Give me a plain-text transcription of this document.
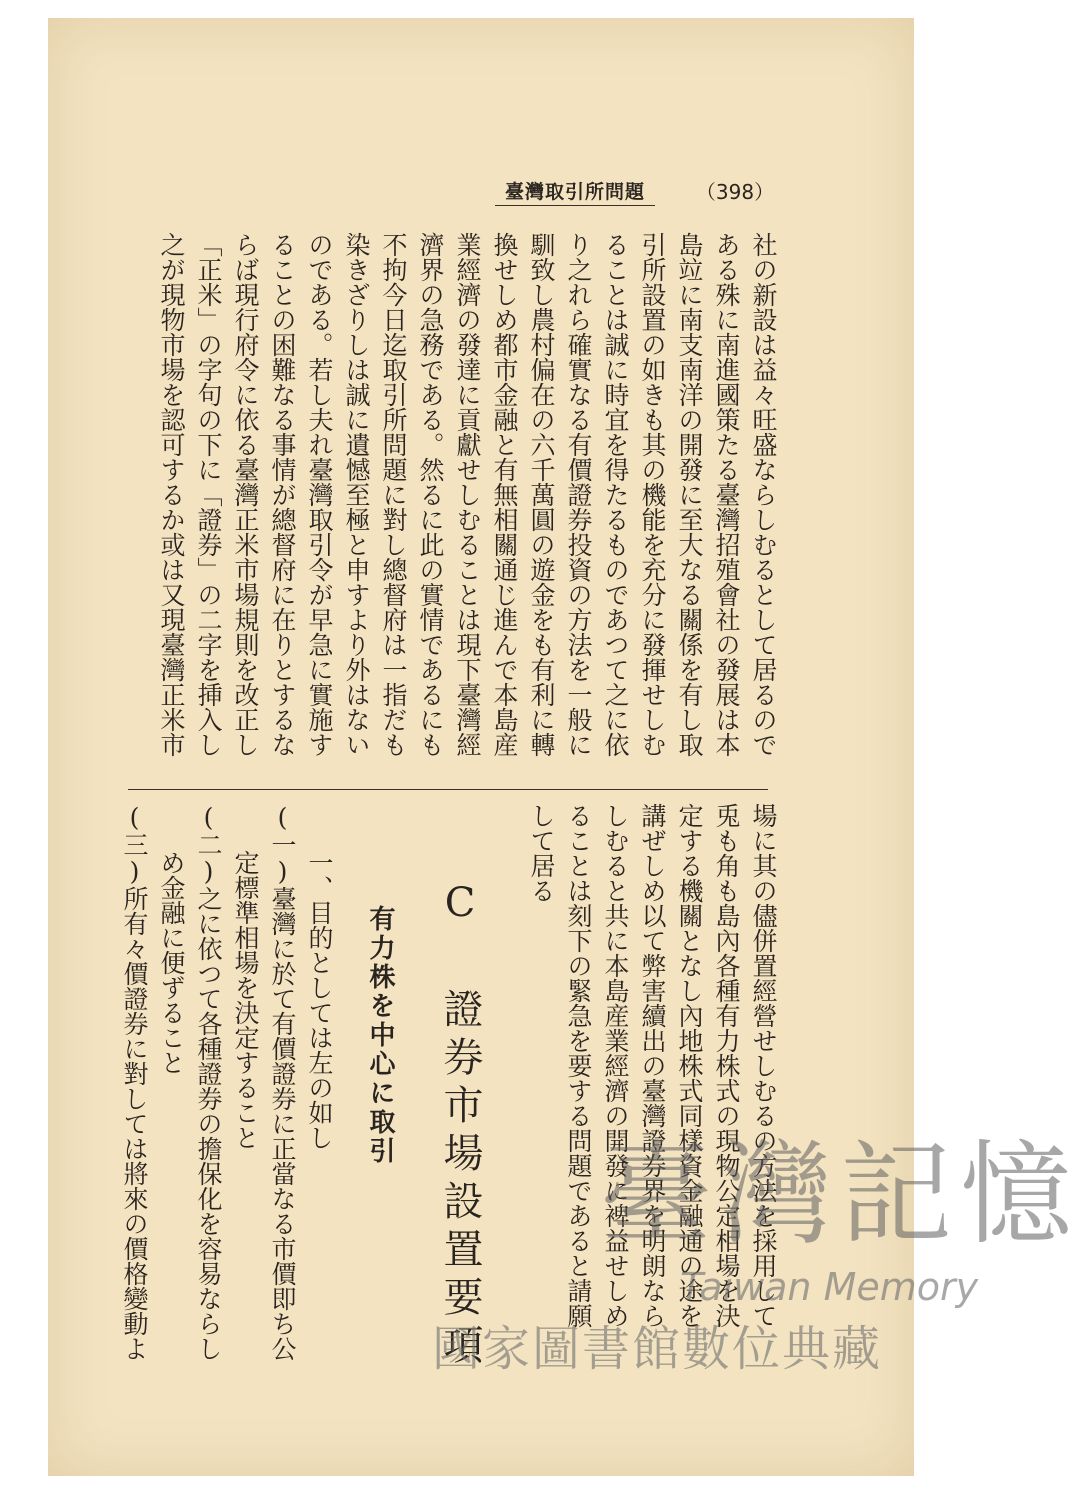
臺灣取引所問題	（398）
社の新設は益々旺盛ならしむるとして居るので
ある殊に南進國策たる臺灣招殖會社の發展は本
島竝に南支南洋の開發に至大なる關係を有し取
引所設置の如きも其の機能を充分に發揮せしむ
ることは誠に時宜を得たるものであつて之に依
り之れら確實なる有價證券投資の方法を一般に
馴致し農村偏在の六千萬圓の遊金をも有利に轉
換せしめ都市金融と有無相關通じ進んで本島産
業經濟の發達に貢獻せしむることは現下臺灣經
濟界の急務である。然るに此の實情であるにも
不拘今日迄取引所問題に對し總督府は一指だも
染きざりしは誠に遺憾至極と申すより外はない
のである。若し夫れ臺灣取引令が早急に實施す
ることの困難なる事情が總督府に在りとするな
らば現行府令に依る臺灣正米市場規則を改正し
「正米」の字句の下に「證券」の二字を挿入し
之が現物市場を認可するか或は又現臺灣正米市
場に其の儘併置經營せしむるの方法を採用して
兎も角も島內各種有力株式の現物公定相場を決
定する機關となし內地株式同樣資金融通の途を
講ぜしめ以て弊害續出の臺灣證券界を明朗なら
しむると共に本島産業經濟の開發に裨益せしめ
ることは刻下の緊急を要する問題であると請願
して居る
C 證券市場設置要項
有力株を中心に取引
一、目的としては左の如し
(一)臺灣に於て有價證券に正當なる市價即ち公
定標準相場を決定すること
(二)之に依つて各種證券の擔保化を容易ならし
め金融に便ずること
(三)所有々價證券に對しては將來の價格變動よ	臺灣記憶
Taiwan Memory
國家圖書館數位典藏
